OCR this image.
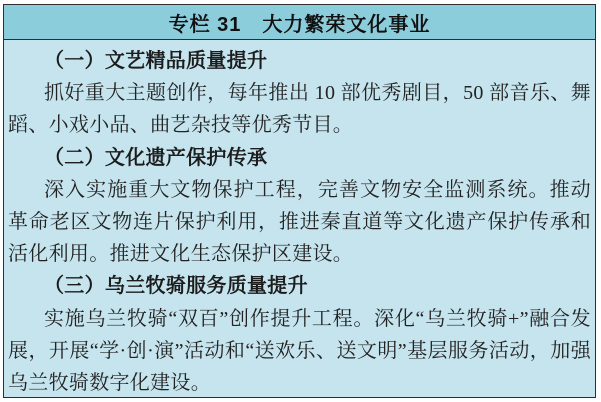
专栏 31　大力繁荣文化事业

（一）文艺精品质量提升

抓好重大主题创作，每年推出 10 部优秀剧目，50 部音乐、舞蹈、小戏小品、曲艺杂技等优秀节目。

（二）文化遗产保护传承

深入实施重大文物保护工程，完善文物安全监测系统。推动革命老区文物连片保护利用，推进秦直道等文化遗产保护传承和活化利用。推进文化生态保护区建设。

（三）乌兰牧骑服务质量提升

实施乌兰牧骑“双百”创作提升工程。深化“乌兰牧骑+”融合发展，开展“学·创·演”活动和“送欢乐、送文明”基层服务活动，加强乌兰牧骑数字化建设。
